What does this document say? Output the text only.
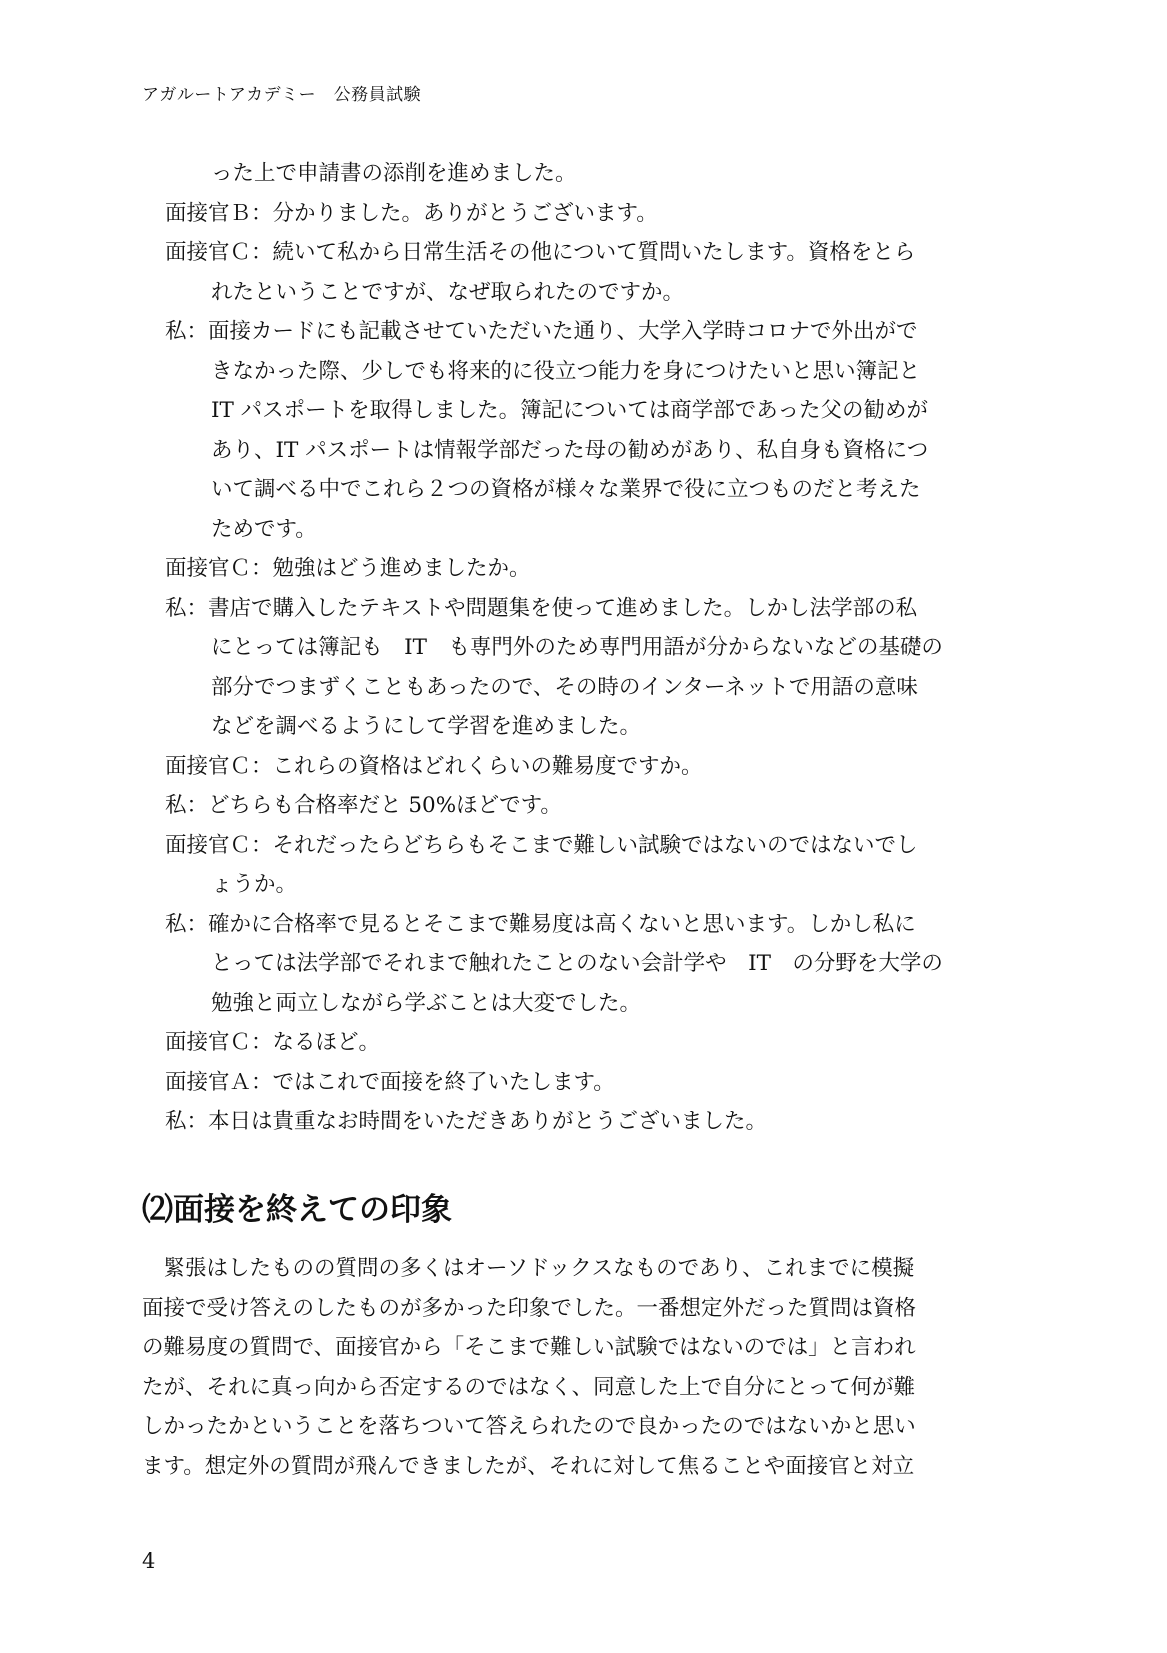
アガルートアカデミー　公務員試験
った上で申請書の添削を進めました。
面接官Ｂ： 分かりました。ありがとうございます。
面接官Ｃ： 続いて私から日常生活その他について質問いたします。資格をとら
れたということですが、なぜ取られたのですか。
私： 面接カードにも記載させていただいた通り、大学入学時コロナで外出がで
きなかった際、少しでも将来的に役立つ能力を身につけたいと思い簿記と
IT パスポートを取得しました。簿記については商学部であった父の勧めが
あり、IT パスポートは情報学部だった母の勧めがあり、私自身も資格につ
いて調べる中でこれら２つの資格が様々な業界で役に立つものだと考えた
ためです。
面接官Ｃ： 勉強はどう進めましたか。
私： 書店で購入したテキストや問題集を使って進めました。しかし法学部の私
にとっては簿記も　IT　も専門外のため専門用語が分からないなどの基礎の
部分でつまずくこともあったので、その時のインターネットで用語の意味
などを調べるようにして学習を進めました。
面接官Ｃ： これらの資格はどれくらいの難易度ですか。
私： どちらも合格率だと 50%ほどです。
面接官Ｃ： それだったらどちらもそこまで難しい試験ではないのではないでし
ょうか。
私： 確かに合格率で見るとそこまで難易度は高くないと思います。しかし私に
とっては法学部でそれまで触れたことのない会計学や　IT　の分野を大学の
勉強と両立しながら学ぶことは大変でした。
面接官Ｃ： なるほど。
面接官Ａ： ではこれで面接を終了いたします。
私： 本日は貴重なお時間をいただきありがとうございました。
⑵面接を終えての印象
　緊張はしたものの質問の多くはオーソドックスなものであり、これまでに模擬
面接で受け答えのしたものが多かった印象でした。一番想定外だった質問は資格
の難易度の質問で、面接官から「そこまで難しい試験ではないのでは」と言われ
たが、それに真っ向から否定するのではなく、同意した上で自分にとって何が難
しかったかということを落ちついて答えられたので良かったのではないかと思い
ます。想定外の質問が飛んできましたが、それに対して焦ることや面接官と対立
4
